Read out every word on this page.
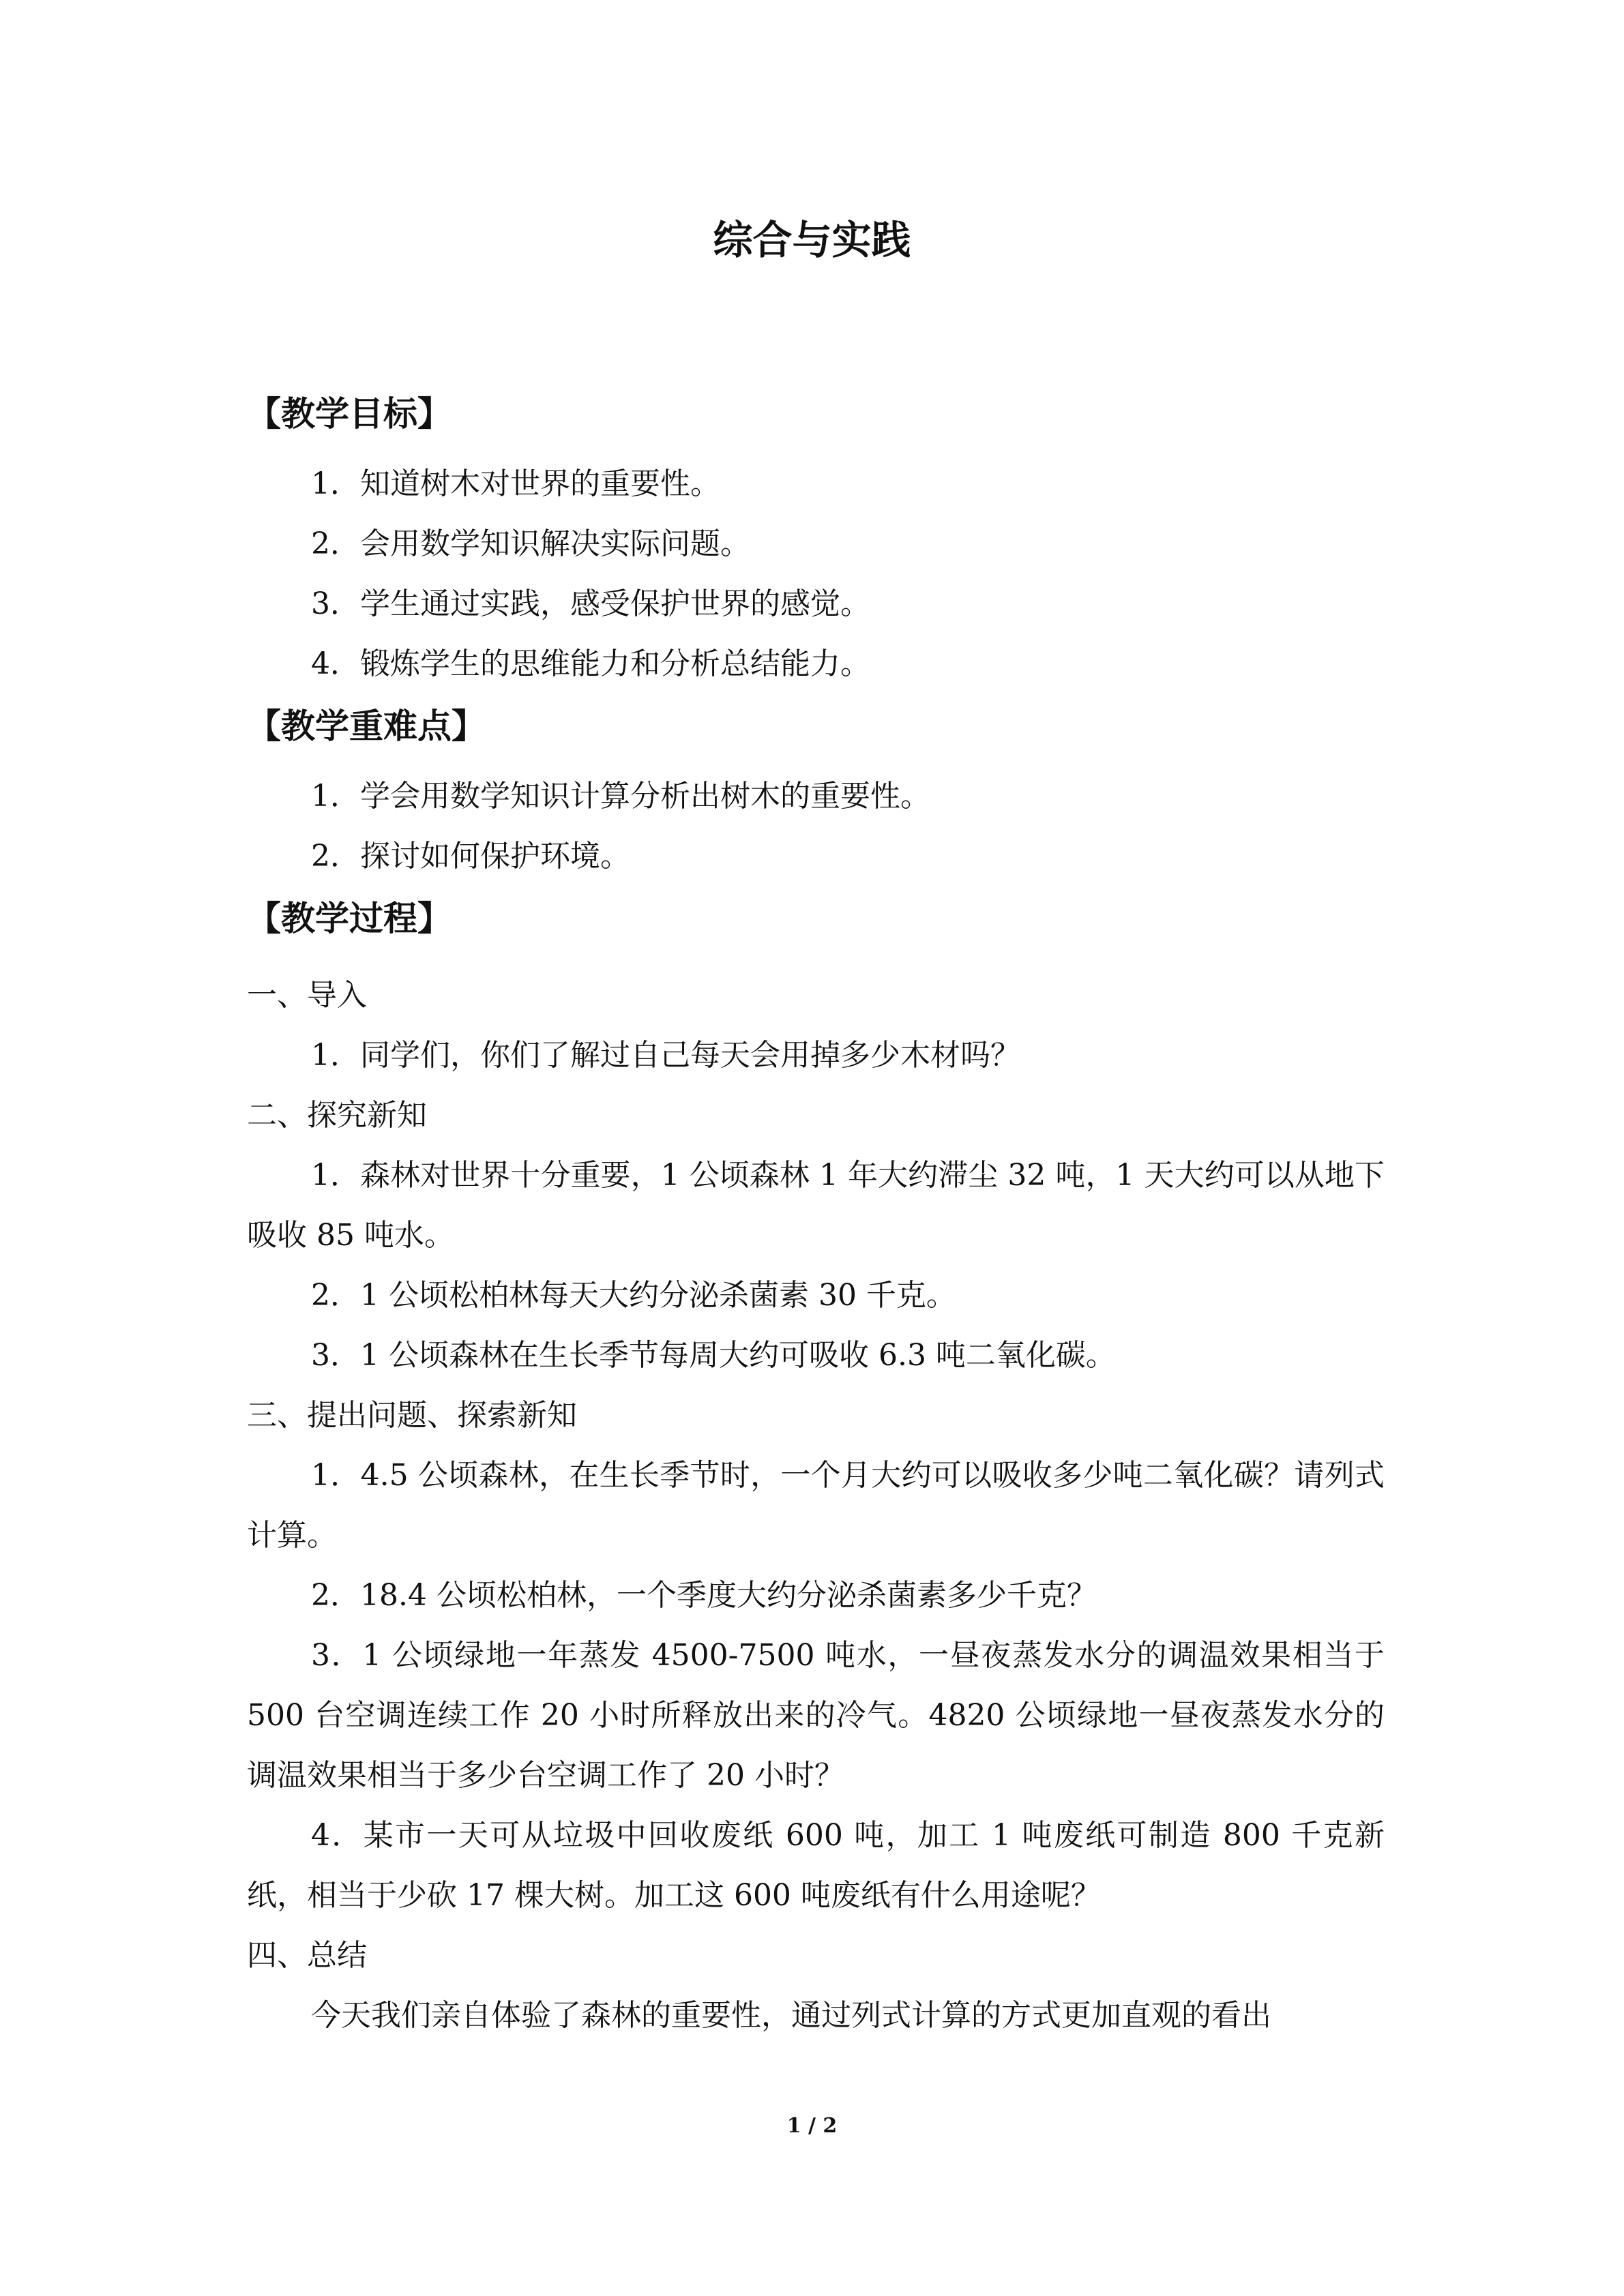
综合与实践
【教学目标】
1．知道树木对世界的重要性。
2．会用数学知识解决实际问题。
3．学生通过实践，感受保护世界的感觉。
4．锻炼学生的思维能力和分析总结能力。
【教学重难点】
1．学会用数学知识计算分析出树木的重要性。
2．探讨如何保护环境。
【教学过程】
一、导入
1．同学们，你们了解过自己每天会用掉多少木材吗？
二、探究新知
1．森林对世界十分重要，1 公顷森林 1 年大约滞尘 32 吨，1 天大约可以从地下吸收 85 吨水。
2．1 公顷松柏林每天大约分泌杀菌素 30 千克。
3．1 公顷森林在生长季节每周大约可吸收 6.3 吨二氧化碳。
三、提出问题、探索新知
1．4.5 公顷森林，在生长季节时，一个月大约可以吸收多少吨二氧化碳？请列式计算。
2．18.4 公顷松柏林，一个季度大约分泌杀菌素多少千克？
3．1 公顷绿地一年蒸发 4500-7500 吨水，一昼夜蒸发水分的调温效果相当于 500 台空调连续工作 20 小时所释放出来的冷气。4820 公顷绿地一昼夜蒸发水分的调温效果相当于多少台空调工作了 20 小时？
4．某市一天可从垃圾中回收废纸 600 吨，加工 1 吨废纸可制造 800 千克新纸，相当于少砍 17 棵大树。加工这 600 吨废纸有什么用途呢？
四、总结
今天我们亲自体验了森林的重要性，通过列式计算的方式更加直观的看出
1 / 2
